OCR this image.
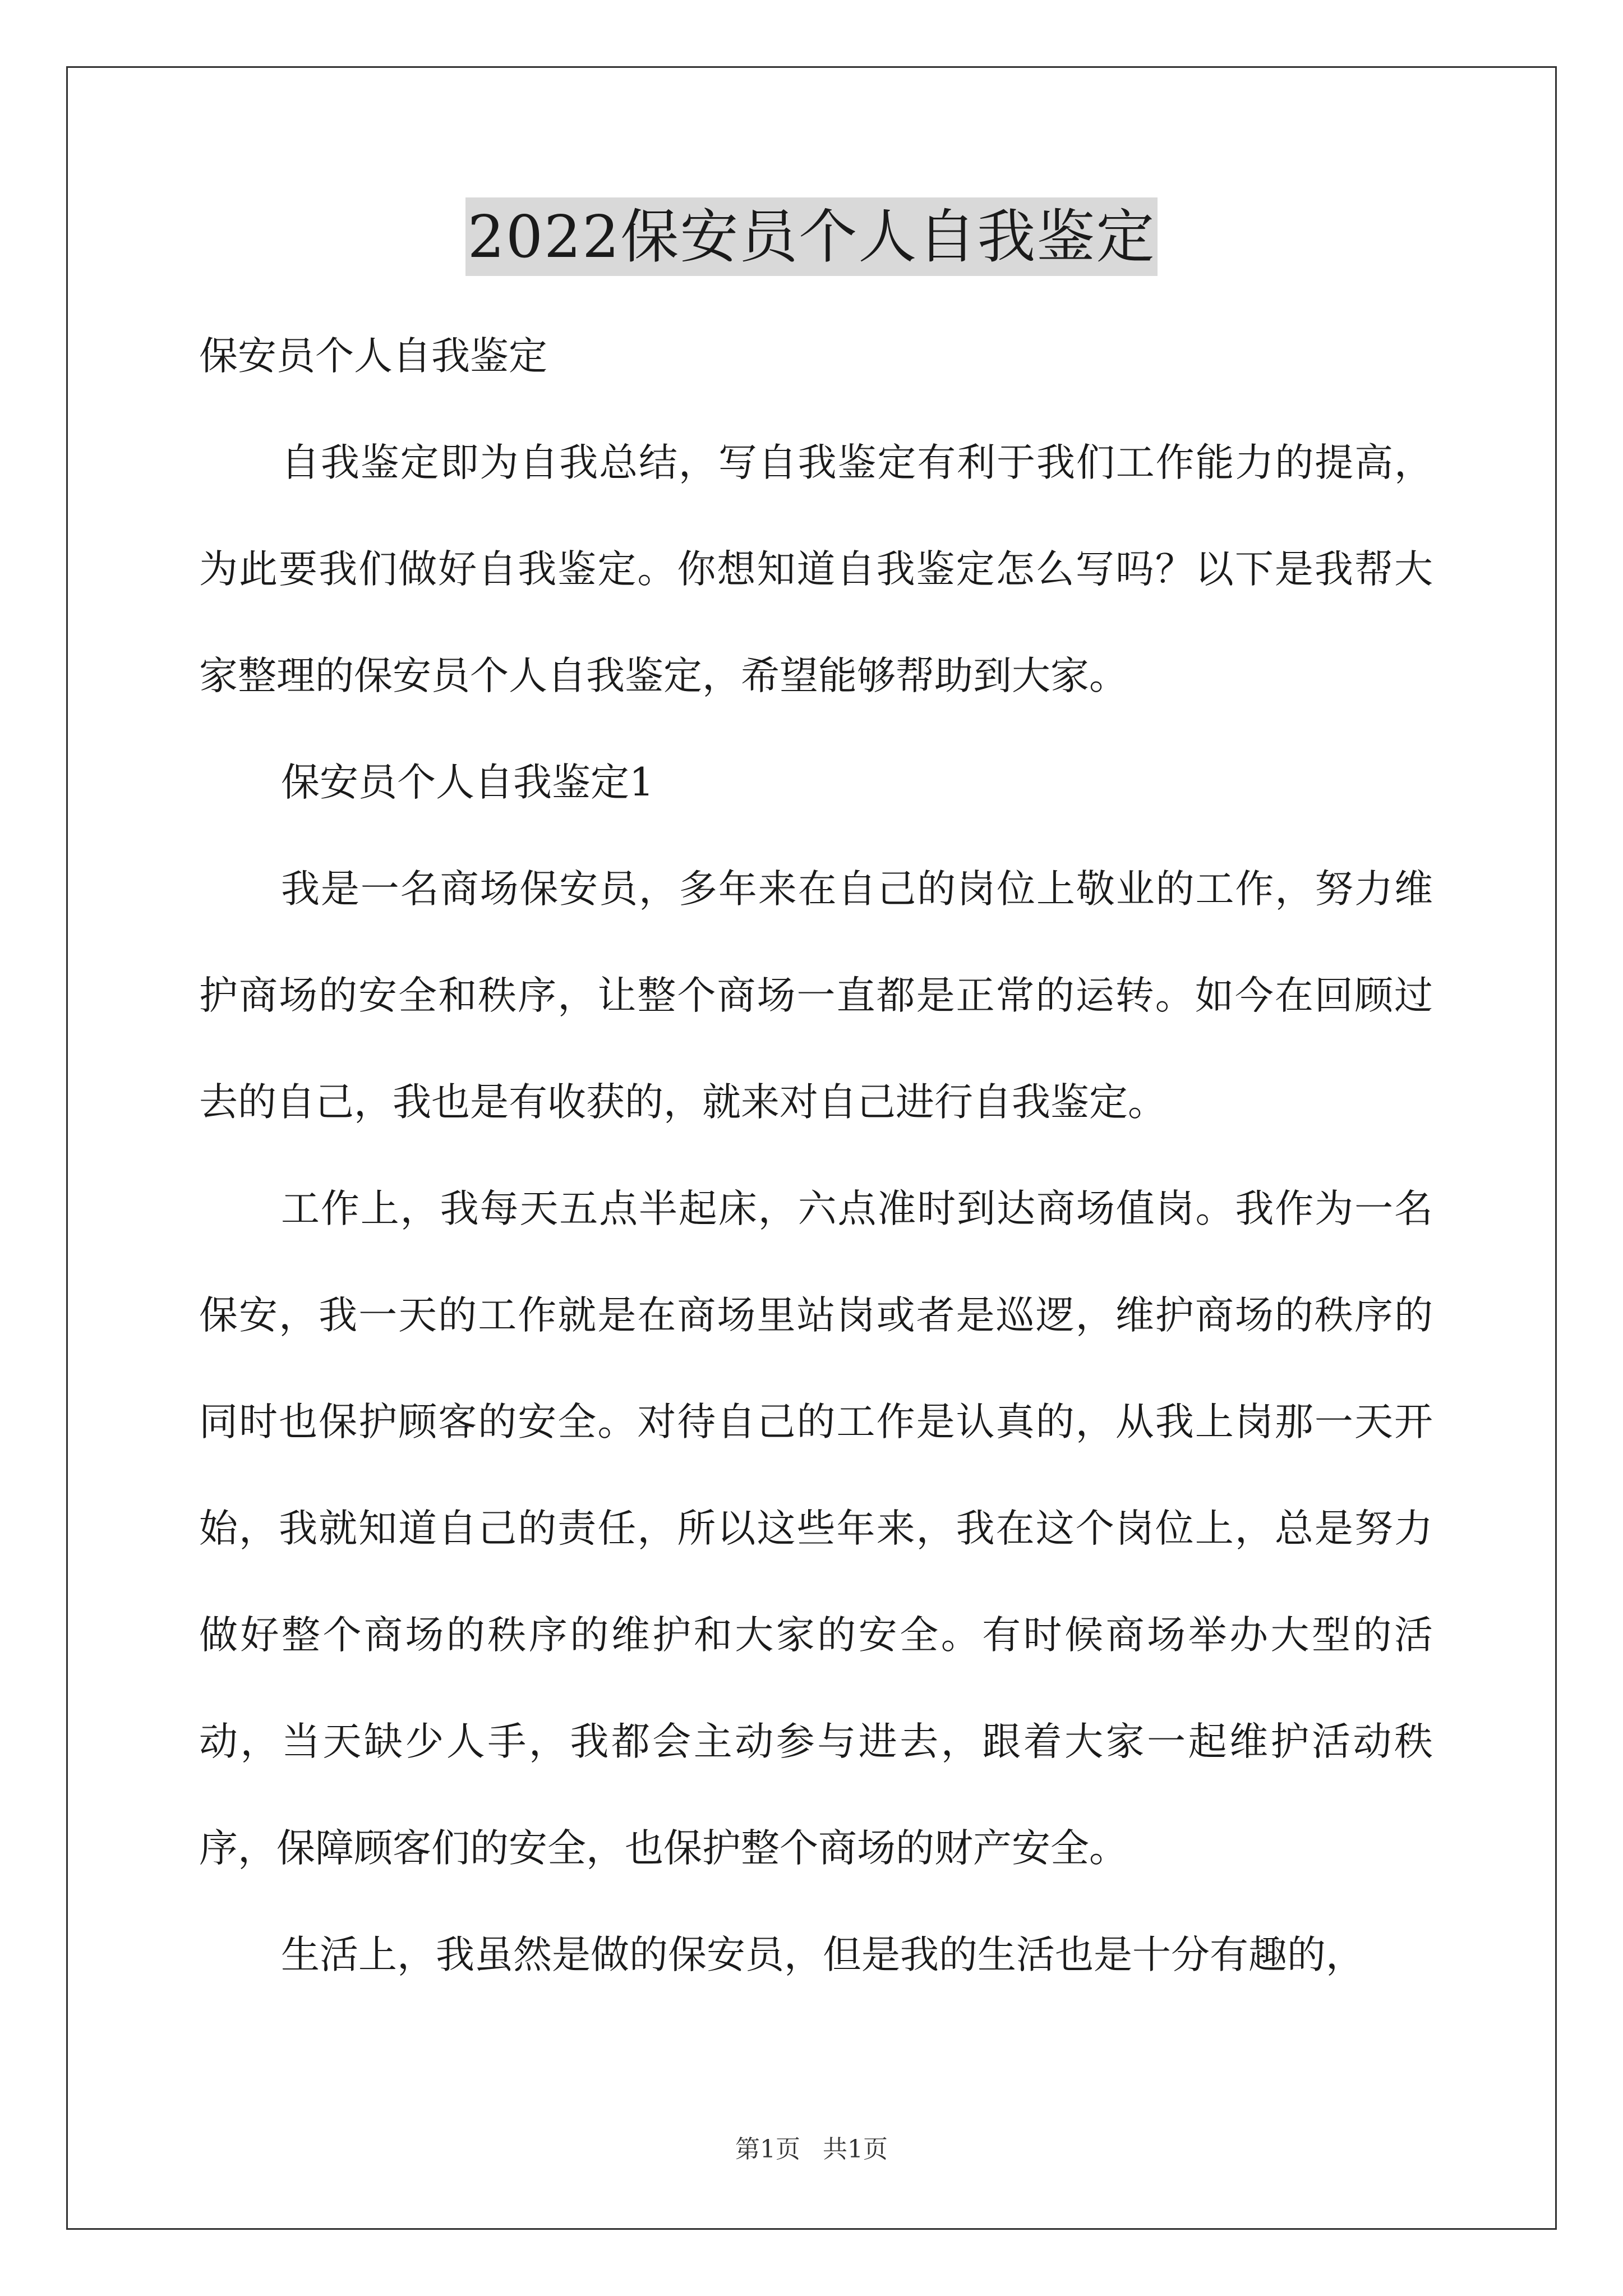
2022保安员个人自我鉴定

保安员个人自我鉴定

自我鉴定即为自我总结，写自我鉴定有利于我们工作能力的提高，为此要我们做好自我鉴定。你想知道自我鉴定怎么写吗？以下是我帮大家整理的保安员个人自我鉴定，希望能够帮助到大家。

保安员个人自我鉴定1

我是一名商场保安员，多年来在自己的岗位上敬业的工作，努力维护商场的安全和秩序，让整个商场一直都是正常的运转。如今在回顾过去的自己，我也是有收获的，就来对自己进行自我鉴定。

工作上，我每天五点半起床，六点准时到达商场值岗。我作为一名保安，我一天的工作就是在商场里站岗或者是巡逻，维护商场的秩序的同时也保护顾客的安全。对待自己的工作是认真的，从我上岗那一天开始，我就知道自己的责任，所以这些年来，我在这个岗位上，总是努力做好整个商场的秩序的维护和大家的安全。有时候商场举办大型的活动，当天缺少人手，我都会主动参与进去，跟着大家一起维护活动秩序，保障顾客们的安全，也保护整个商场的财产安全。

生活上，我虽然是做的保安员，但是我的生活也是十分有趣的，

第1页 共1页
